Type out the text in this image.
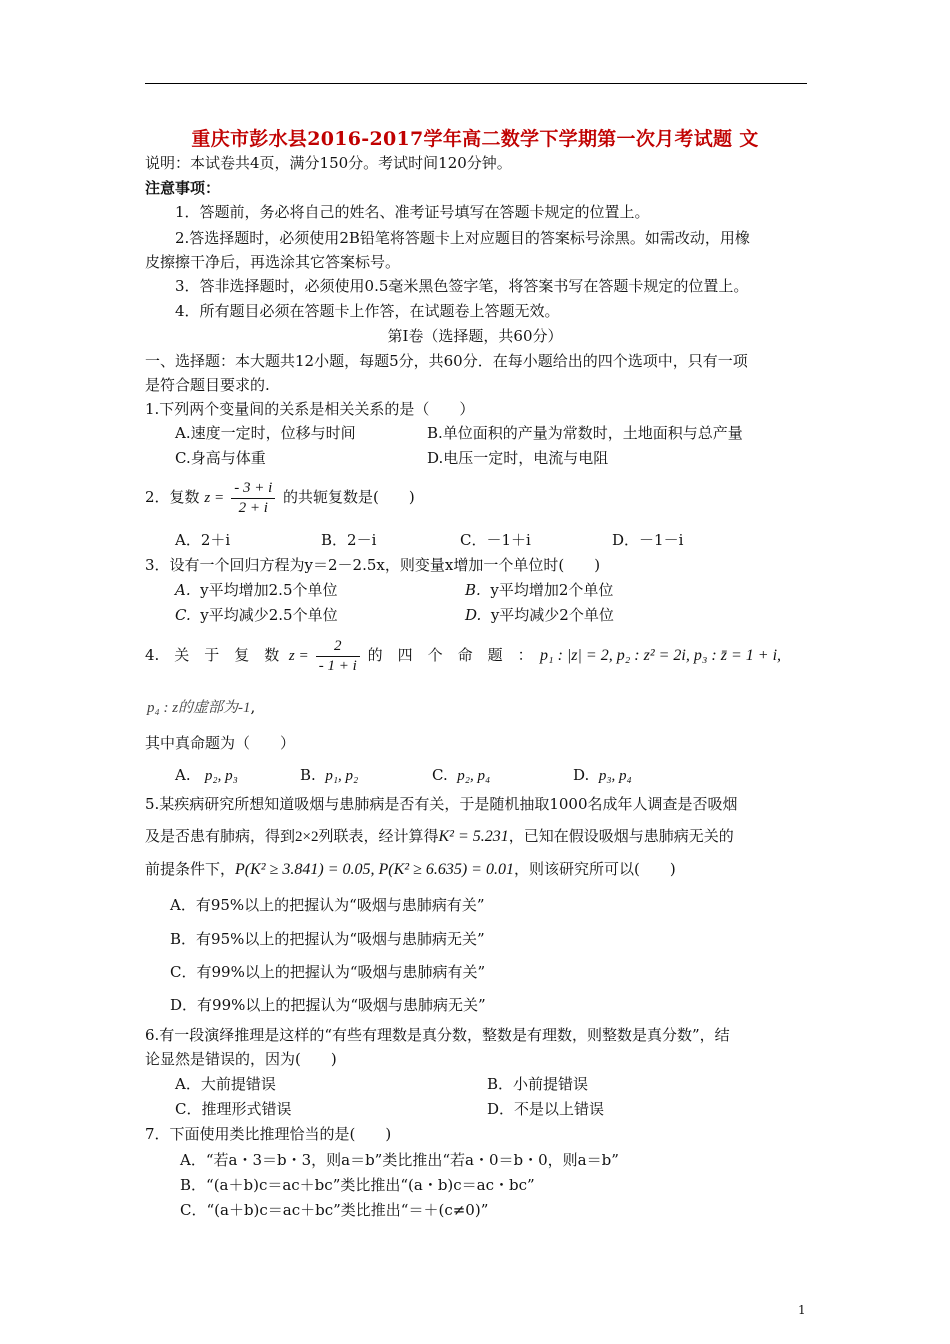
重庆市彭水县2016-2017学年高二数学下学期第一次月考试题 文
说明：本试卷共4页，满分150分。考试时间120分钟。
注意事项：
1．答题前，务必将自己的姓名、准考证号填写在答题卡规定的位置上。
2.答选择题时，必须使用2B铅笔将答题卡上对应题目的答案标号涂黑。如需改动，用橡
皮擦擦干净后，再选涂其它答案标号。
3．答非选择题时，必须使用0.5毫米黑色签字笔，将答案书写在答题卡规定的位置上。
4．所有题目必须在答题卡上作答，在试题卷上答题无效。
第Ⅰ卷（选择题，共60分）
一、选择题：本大题共12小题，每题5分，共60分．在每小题给出的四个选项中，只有一项
是符合题目要求的.
1.下列两个变量间的关系是相关关系的是（　　）
A.速度一定时，位移与时间	B.单位面积的产量为常数时，土地面积与总产量
C.身高与体重	D.电压一定时，电流与电阻
2．复数 $z = \frac{- 3 + i}{2 + i}$ 的共轭复数是(　　)
A．2＋i	B．2－i	C．－1＋i	D．－1－i
3．设有一个回归方程为y＝2－2.5x，则变量x增加一个单位时(　　)
A. y平均增加2.5个单位	B. y平均增加2个单位
C. y平均减少2.5个单位	D. y平均减少2个单位
4.　关　于　复　数 $z = \frac{2}{- 1 + i}$ 的　四　个　命　题　： p₁ : |z| = 2, p₂ : z² = 2i, p₃ : z̄ = 1 + i,
p₄ : z的虚部为-1,
其中真命题为（　　）
A. p₂, p₃	B. p₁, p₂	C. p₂, p₄	D. p₃, p₄
5.某疾病研究所想知道吸烟与患肺病是否有关，于是随机抽取1000名成年人调查是否吸烟
及是否患有肺病，得到2×2列联表，经计算得K² = 5.231，已知在假设吸烟与患肺病无关的
前提条件下，P(K² ≥ 3.841) = 0.05, P(K² ≥ 6.635) = 0.01，则该研究所可以(　　)
A．有95%以上的把握认为“吸烟与患肺病有关”
B．有95%以上的把握认为“吸烟与患肺病无关”
C．有99%以上的把握认为“吸烟与患肺病有关”
D．有99%以上的把握认为“吸烟与患肺病无关”
6.有一段演绎推理是这样的“有些有理数是真分数，整数是有理数，则整数是真分数”，结
论显然是错误的，因为(　　)
A．大前提错误	B．小前提错误
C．推理形式错误	D．不是以上错误
7．下面使用类比推理恰当的是(　　)
A．“若a・3＝b・3，则a＝b”类比推出“若a・0＝b・0，则a＝b”
B．“(a＋b)c＝ac＋bc”类比推出“(a・b)c＝ac・bc”
C．“(a＋b)c＝ac＋bc”类比推出“＝＋(c≠0)”
1
